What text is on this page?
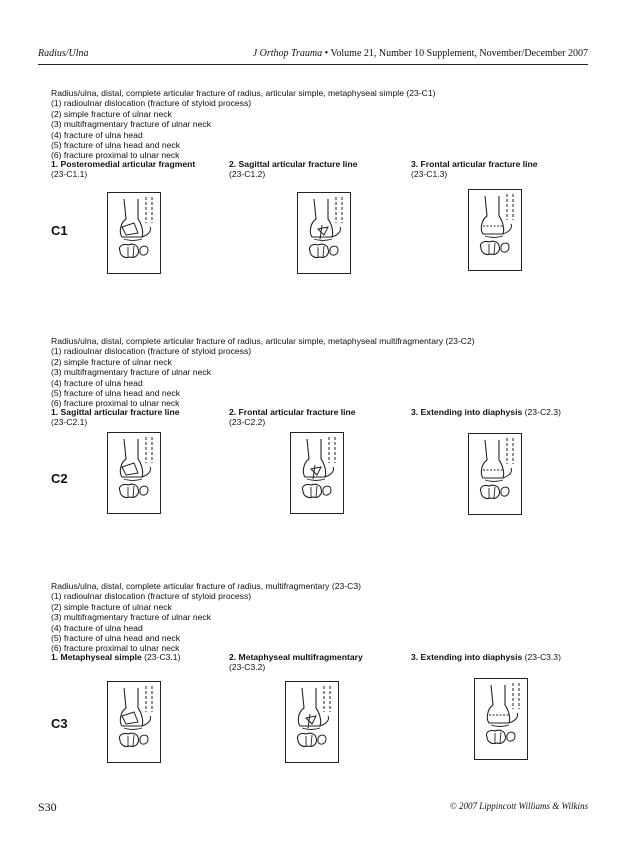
Radius/Ulna	J Orthop Trauma • Volume 21, Number 10 Supplement, November/December 2007
Radius/ulna, distal, complete articular fracture of radius, articular simple, metaphyseal simple (23-C1)
(1) radioulnar dislocation (fracture of styloid process)
(2) simple fracture of ulnar neck
(3) multifragmentary fracture of ulnar neck
(4) fracture of ulna head
(5) fracture of ulna head and neck
(6) fracture proximal to ulnar neck
1. Posteromedial articular fragment
(23-C1.1)
2. Sagittal articular fracture line
(23-C1.2)
3. Frontal articular fracture line
(23-C1.3)
C1
Radius/ulna, distal, complete articular fracture of radius, articular simple, metaphyseal multifragmentary (23-C2)
(1) radioulnar dislocation (fracture of styloid process)
(2) simple fracture of ulnar neck
(3) multifragmentary fracture of ulnar neck
(4) fracture of ulna head
(5) fracture of ulna head and neck
(6) fracture proximal to ulnar neck
1. Sagittal articular fracture line
(23-C2.1)
2. Frontal articular fracture line
(23-C2.2)
3. Extending into diaphysis (23-C2.3)
C2
Radius/ulna, distal, complete articular fracture of radius, multifragmentary (23-C3)
(1) radioulnar dislocation (fracture of styloid process)
(2) simple fracture of ulnar neck
(3) multifragmentary fracture of ulnar neck
(4) fracture of ulna head
(5) fracture of ulna head and neck
(6) fracture proximal to ulnar neck
1. Metaphyseal simple (23-C3.1)	2. Metaphyseal multifragmentary
(23-C3.2)
3. Extending into diaphysis (23-C3.3)
C3
S30	© 2007 Lippincott Williams & Wilkins
